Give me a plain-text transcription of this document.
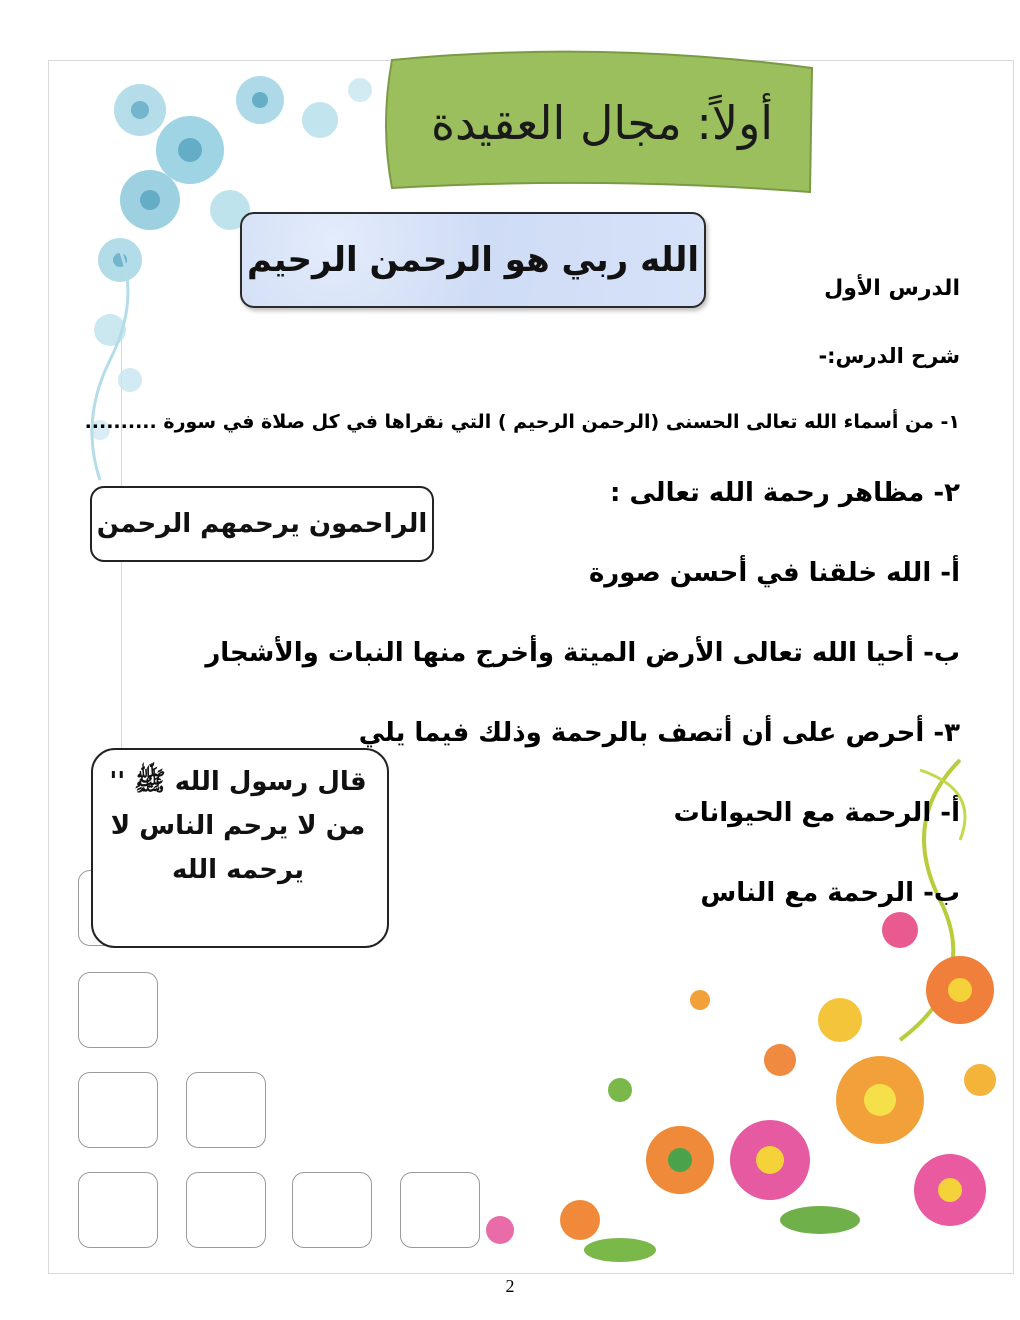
أولاً: مجال العقيدة
الله ربي هو الرحمن الرحيم
الدرس الأول
شرح الدرس:-
١- من أسماء الله تعالى الحسنى (الرحمن الرحيم ) التي نقراها في كل صلاة في سورة ..........
٢- مظاهر رحمة الله تعالى :
الراحمون يرحمهم الرحمن
أ- الله خلقنا في أحسن صورة
ب- أحيا الله تعالى الأرض الميتة وأخرج منها النبات والأشجار
٣- أحرص على أن أتصف بالرحمة وذلك فيما يلي
أ- الرحمة مع الحيوانات
ب- الرحمة مع الناس
قال رسول الله ﷺ ''
من لا يرحم الناس لا
يرحمه الله
2
